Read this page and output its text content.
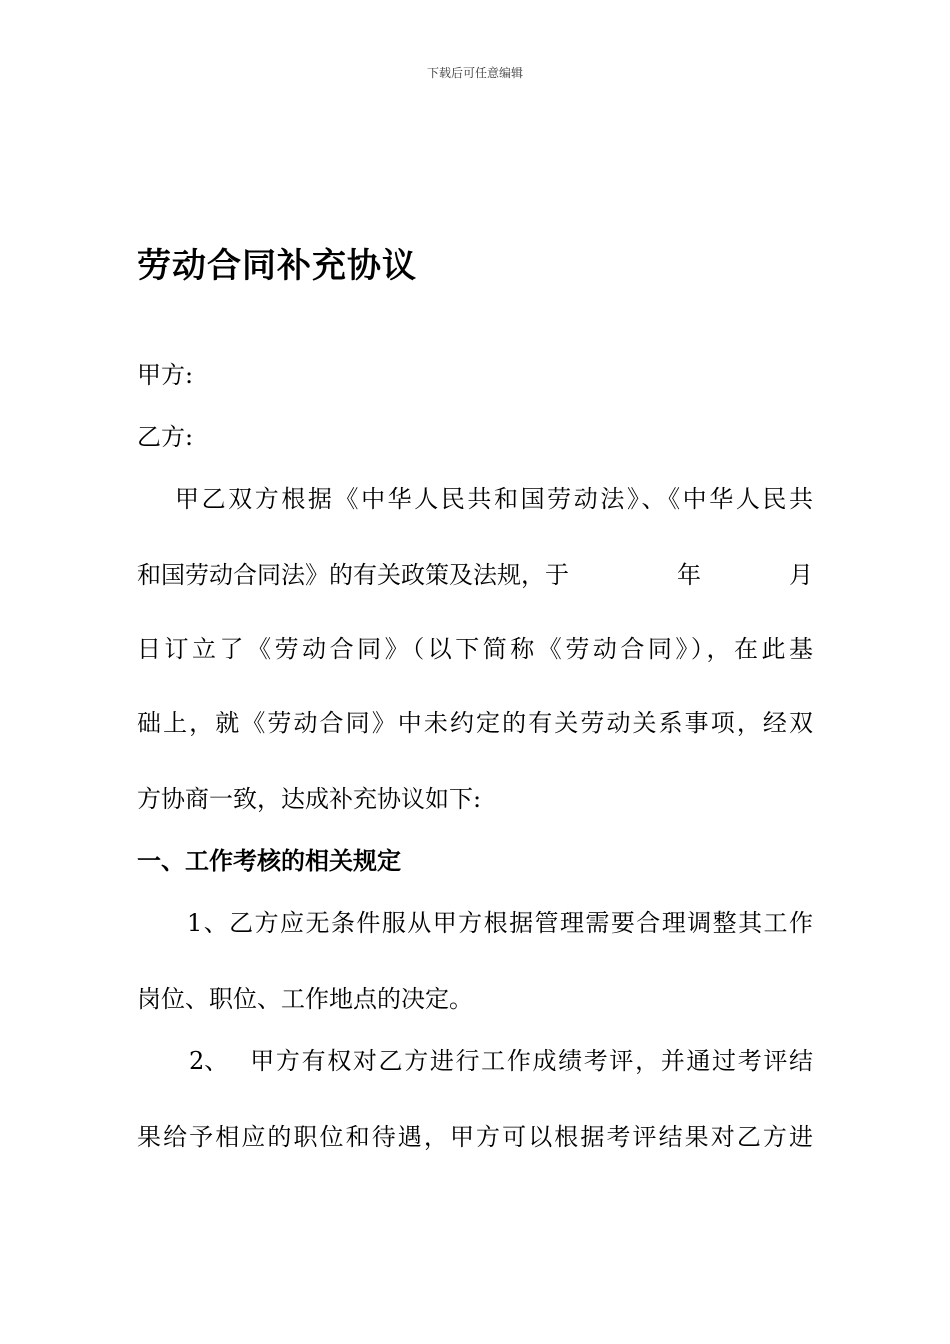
下载后可任意编辑
劳动合同补充协议
甲方:
乙方:
甲乙双方根据《中华人民共和国劳动法》、《中华人民共
和国劳动合同法》的有关政策及法规，于	年	月
日订立了《劳动合同》（以下简称《劳动合同》），在此基
础上，就《劳动合同》中未约定的有关劳动关系事项，经双
方协商一致，达成补充协议如下:
一、工作考核的相关规定
1、乙方应无条件服从甲方根据管理需要合理调整其工作
岗位、职位、工作地点的决定。
2、 甲方有权对乙方进行工作成绩考评，并通过考评结
果给予相应的职位和待遇，甲方可以根据考评结果对乙方进
